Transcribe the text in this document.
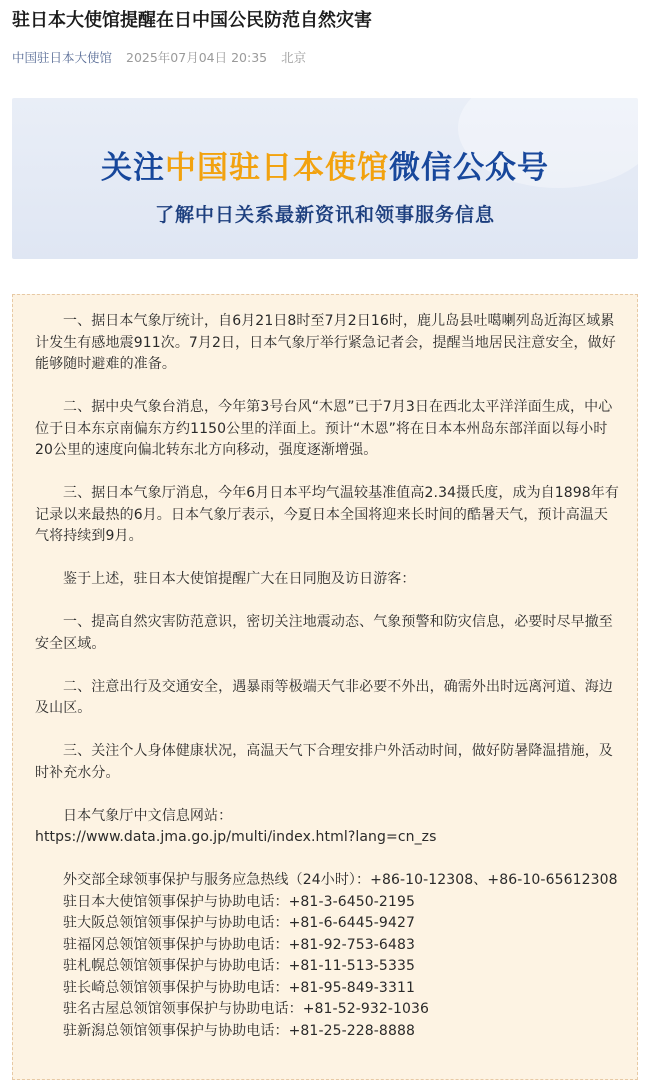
驻日本大使馆提醒在日中国公民防范自然灾害
中国驻日本大使馆 2025年07月04日 20:35 北京
关注中国驻日本使馆微信公众号
了解中日关系最新资讯和领事服务信息

一、据日本气象厅统计，自6月21日8时至7月2日16时，鹿儿岛县吐噶喇列岛近海区域累计发生有感地震911次。7月2日，日本气象厅举行紧急记者会，提醒当地居民注意安全，做好能够随时避难的准备。

二、据中央气象台消息，今年第3号台风“木恩”已于7月3日在西北太平洋洋面生成，中心位于日本东京南偏东方约1150公里的洋面上。预计“木恩”将在日本本州岛东部洋面以每小时20公里的速度向偏北转东北方向移动，强度逐渐增强。

三、据日本气象厅消息，今年6月日本平均气温较基准值高2.34摄氏度，成为自1898年有记录以来最热的6月。日本气象厅表示，今夏日本全国将迎来长时间的酷暑天气，预计高温天气将持续到9月。

鉴于上述，驻日本大使馆提醒广大在日同胞及访日游客：

一、提高自然灾害防范意识，密切关注地震动态、气象预警和防灾信息，必要时尽早撤至安全区域。

二、注意出行及交通安全，遇暴雨等极端天气非必要不外出，确需外出时远离河道、海边及山区。

三、关注个人身体健康状况，高温天气下合理安排户外活动时间，做好防暑降温措施，及时补充水分。

日本气象厅中文信息网站：

https://www.data.jma.go.jp/multi/index.html?lang=cn_zs

外交部全球领事保护与服务应急热线（24小时）：+86-10-12308、+86-10-65612308

驻日本大使馆领事保护与协助电话：+81-3-6450-2195

驻大阪总领馆领事保护与协助电话：+81-6-6445-9427

驻福冈总领馆领事保护与协助电话：+81-92-753-6483

驻札幌总领馆领事保护与协助电话：+81-11-513-5335

驻长崎总领馆领事保护与协助电话：+81-95-849-3311

驻名古屋总领馆领事保护与协助电话：+81-52-932-1036

驻新潟总领馆领事保护与协助电话：+81-25-228-8888
